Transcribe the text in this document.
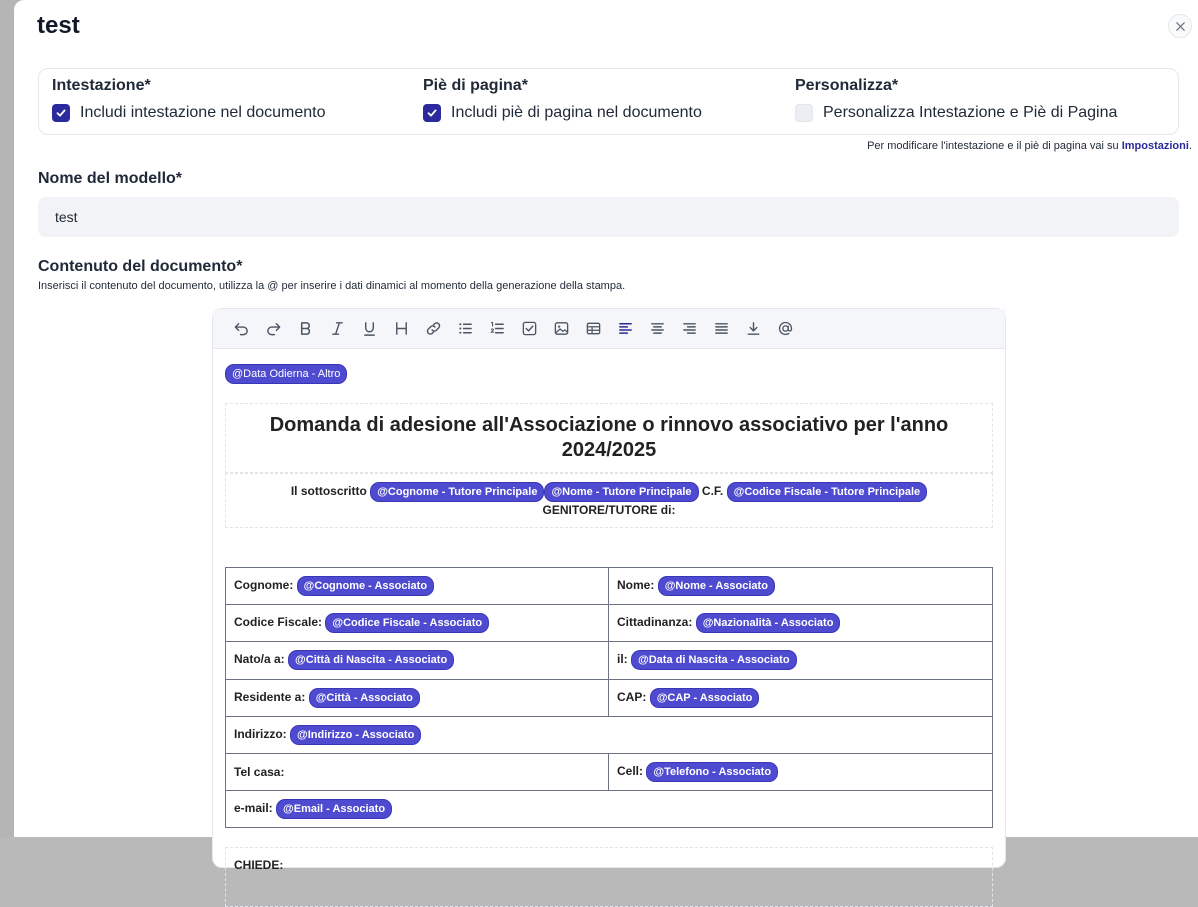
test
Intestazione*
Includi intestazione nel documento
Piè di pagina*
Includi piè di pagina nel documento
Personalizza*
Personalizza Intestazione e Piè di Pagina
Per modificare l'intestazione e il piè di pagina vai su Impostazioni.
Nome del modello*
test
Contenuto del documento*
Inserisci il contenuto del documento, utilizza la @ per inserire i dati dinamici al momento della generazione della stampa.
@Data Odierna - Altro
Domanda di adesione all'Associazione o rinnovo associativo per l'anno 2024/2025
Il sottoscritto @Cognome - Tutore Principale @Nome - Tutore Principale C.F. @Codice Fiscale - Tutore Principale
GENITORE/TUTORE di:
Cognome: @Cognome - Associato	Nome: @Nome - Associato
Codice Fiscale: @Codice Fiscale - Associato	Cittadinanza: @Nazionalità - Associato
Nato/a a: @Città di Nascita - Associato	il: @Data di Nascita - Associato
Residente a: @Città - Associato	CAP: @CAP - Associato
Indirizzo: @Indirizzo - Associato	
Tel casa:	Cell: @Telefono - Associato
e-mail: @Email - Associato	
CHIEDE:
